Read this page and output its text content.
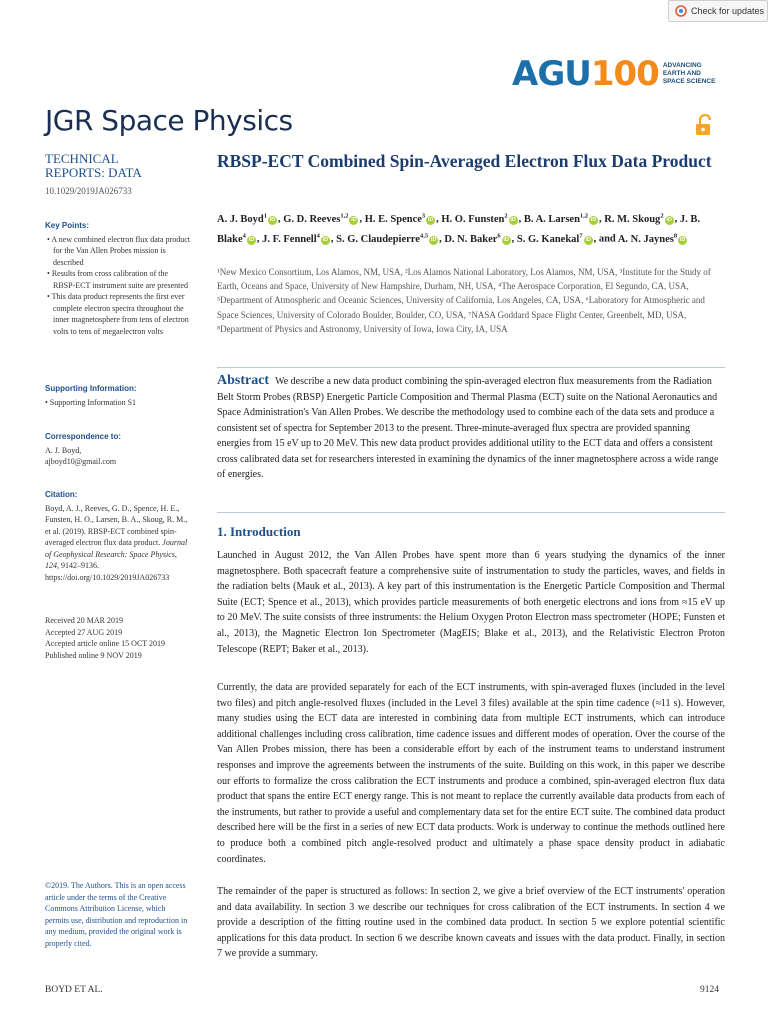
Check for updates
AGU 100 ADVANCING
EARTH AND
SPACE SCIENCE
JGR Space Physics
TECHNICAL
REPORTS: DATA
10.1029/2019JA026733
Key Points:
• A new combined electron flux data product for the Van Allen Probes mission is described
• Results from cross calibration of the RBSP-ECT instrument suite are presented
• This data product represents the first ever complete electron spectra throughout the inner magnetosphere from tens of electron volts to tens of megaelectron volts
Supporting Information:
• Supporting Information S1
Correspondence to:
A. J. Boyd,
ajboyd10@gmail.com
Citation:
Boyd, A. J., Reeves, G. D., Spence, H. E., Funsten, H. O., Larsen, B. A., Skoug, R. M., et al. (2019). RBSP-ECT combined spin-averaged electron flux data product. Journal of Geophysical Research: Space Physics, 124, 9142–9136. https://doi.org/10.1029/2019JA026733
Received 20 MAR 2019
Accepted 27 AUG 2019
Accepted article online 15 OCT 2019
Published online 9 NOV 2019
©2019. The Authors. This is an open access article under the terms of the Creative Commons Attribution License, which permits use, distribution and reproduction in any medium, provided the original work is properly cited.
RBSP-ECT Combined Spin-Averaged Electron Flux Data Product
A. J. Boyd$^1$iD , G. D. Reeves$^{1,2}$iD , H. E. Spence$^3$iD , H. O. Funsten$^2$iD , B. A. Larsen$^{1,2}$iD , R. M. Skoug$^2$iD , J. B. Blake$^4$iD , J. F. Fennell$^4$iD , S. G. Claudepierre$^{4,5}$iD , D. N. Baker$^6$iD , S. G. Kanekal$^7$iD , and A. N. Jaynes$^8$iD
¹New Mexico Consortium, Los Alamos, NM, USA, ²Los Alamos National Laboratory, Los Alamos, NM, USA, ³Institute for the Study of Earth, Oceans and Space, University of New Hampshire, Durham, NH, USA, ⁴The Aerospace Corporation, El Segundo, CA, USA, ⁵Department of Atmospheric and Oceanic Sciences, University of California, Los Angeles, CA, USA, ⁶Laboratory for Atmospheric and Space Sciences, University of Colorado Boulder, Boulder, CO, USA, ⁷NASA Goddard Space Flight Center, Greenbelt, MD, USA, ⁸Department of Physics and Astronomy, University of Iowa, Iowa City, IA, USA
Abstract We describe a new data product combining the spin-averaged electron flux measurements from the Radiation Belt Storm Probes (RBSP) Energetic Particle Composition and Thermal Plasma (ECT) suite on the National Aeronautics and Space Administration's Van Allen Probes. We describe the methodology used to combine each of the data sets and produce a consistent set of spectra for September 2013 to the present. Three-minute-averaged flux spectra are provided spanning energies from 15 eV up to 20 MeV. This new data product provides additional utility to the ECT data and offers a consistent cross calibrated data set for researchers interested in examining the dynamics of the inner magnetosphere across a wide range of energies.
1. Introduction
Launched in August 2012, the Van Allen Probes have spent more than 6 years studying the dynamics of the inner magnetosphere. Both spacecraft feature a comprehensive suite of instrumentation to study the particles, waves, and fields in the radiation belts (Mauk et al., 2013). A key part of this instrumentation is the Energetic Particle Composition and Thermal Suite (ECT; Spence et al., 2013), which provides particle measurements of both energetic electrons and ions from ≈15 eV up to 20 MeV. The suite consists of three instruments: the Helium Oxygen Proton Electron mass spectrometer (HOPE; Funsten et al., 2013), the Magnetic Electron Ion Spectrometer (MagEIS; Blake et al., 2013), and the Relativistic Electron Proton Telescope (REPT; Baker et al., 2013).
Currently, the data are provided separately for each of the ECT instruments, with spin-averaged fluxes (included in the level two files) and pitch angle-resolved fluxes (included in the Level 3 files) available at the spin time cadence (≈11 s). However, many studies using the ECT data are interested in combining data from multiple ECT instruments, which can introduce additional challenges including cross calibration, time cadence issues and different modes of operation. Over the course of the Van Allen Probes mission, there has been a considerable effort by each of the instrument teams to understand instrument responses and improve the agreements between the instruments of the suite. Building on this work, in this paper we describe our efforts to formalize the cross calibration the ECT instruments and produce a combined, spin-averaged electron flux data product that spans the entire ECT energy range. This is not meant to replace the currently available data products from each of the instruments, but rather to provide a useful and complementary data set for the entire ECT suite. The combined data product described here will be the first in a series of new ECT data products. Work is underway to continue the methods outlined here to produce both a combined pitch angle-resolved product and ultimately a phase space density product in adiabatic coordinates.
The remainder of the paper is structured as follows: In section 2, we give a brief overview of the ECT instruments' operation and data availability. In section 3 we describe our techniques for cross calibration of the ECT instruments. In section 4 we provide a description of the fitting routine used in the combined data product. In section 5 we explore potential scientific applications for this data product. In section 6 we describe known caveats and issues with the data product. Finally, in section 7 we provide a summary.
BOYD ET AL.	9124
